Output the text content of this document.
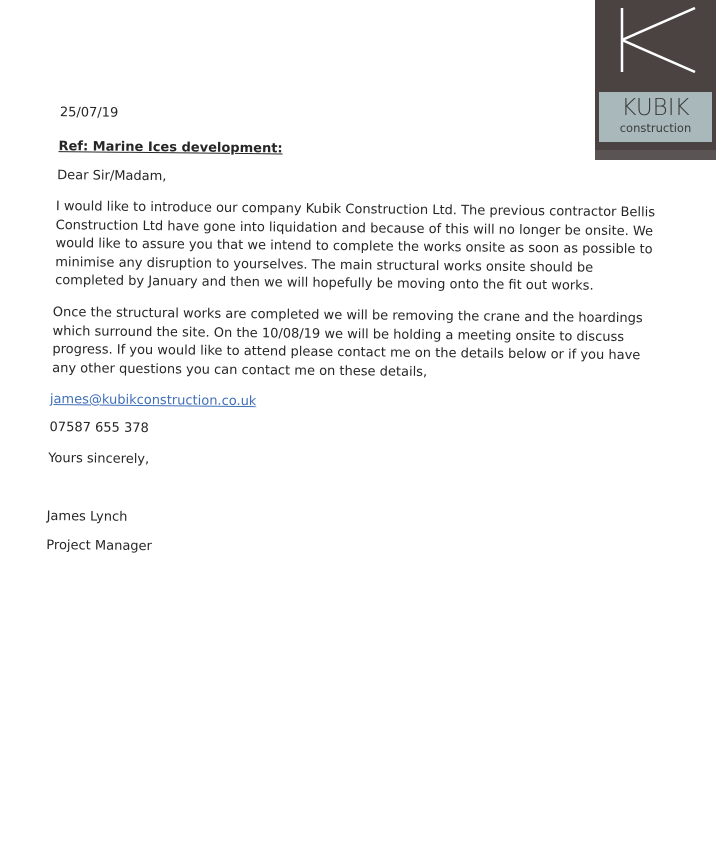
KUBIK
construction
25/07/19
Ref: Marine Ices development:
Dear Sir/Madam,
I would like to introduce our company Kubik Construction Ltd. The previous contractor Bellis Construction Ltd have gone into liquidation and because of this will no longer be onsite. We would like to assure you that we intend to complete the works onsite as soon as possible to minimise any disruption to yourselves. The main structural works onsite should be completed by January and then we will hopefully be moving onto the fit out works.
Once the structural works are completed we will be removing the crane and the hoardings which surround the site. On the 10/08/19 we will be holding a meeting onsite to discuss progress. If you would like to attend please contact me on the details below or if you have any other questions you can contact me on these details,
james@kubikconstruction.co.uk
07587 655 378
Yours sincerely,
James Lynch
Project Manager
